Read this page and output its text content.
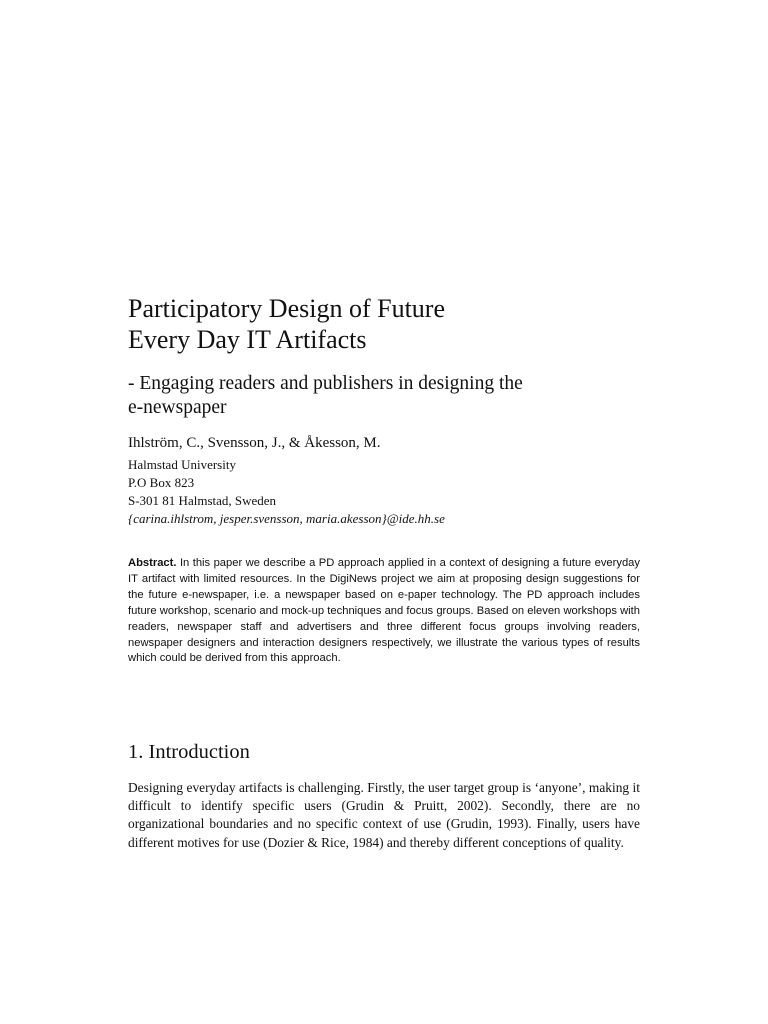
Participatory Design of Future
Every Day IT Artifacts
- Engaging readers and publishers in designing the
e-newspaper
Ihlström, C., Svensson, J., & Åkesson, M.
Halmstad University
P.O Box 823
S-301 81 Halmstad, Sweden
{carina.ihlstrom, jesper.svensson, maria.akesson}@ide.hh.se

Abstract. In this paper we describe a PD approach applied in a context of designing a future everyday IT artifact with limited resources. In the DigiNews project we aim at proposing design suggestions for the future e-newspaper, i.e. a newspaper based on e-paper technology. The PD approach includes future workshop, scenario and mock-up techniques and focus groups. Based on eleven workshops with readers, newspaper staff and advertisers and three different focus groups involving readers, newspaper designers and interaction designers respectively, we illustrate the various types of results which could be derived from this approach.

1. Introduction

Designing everyday artifacts is challenging. Firstly, the user target group is ‘anyone’, making it difficult to identify specific users (Grudin & Pruitt, 2002). Secondly, there are no organizational boundaries and no specific context of use (Grudin, 1993). Finally, users have different motives for use (Dozier & Rice, 1984) and thereby different conceptions of quality.
